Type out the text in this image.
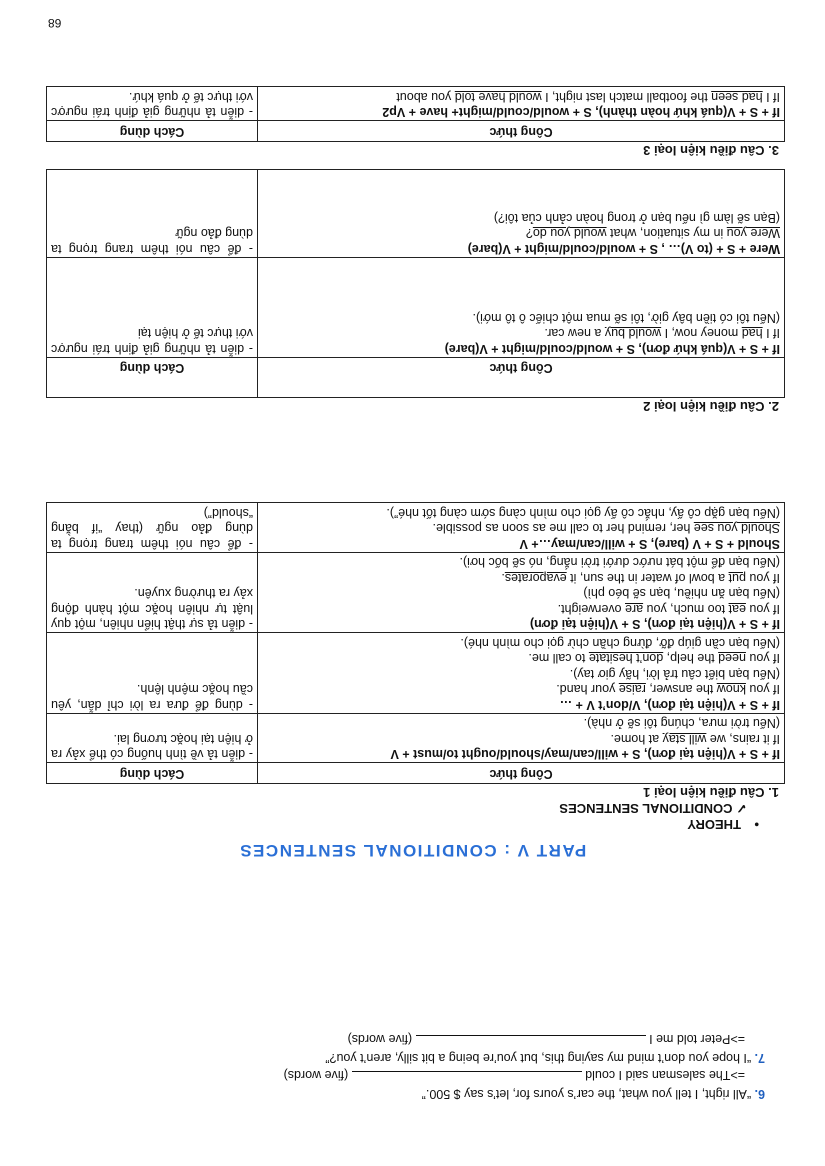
6. “All right, I tell you what, the car’s yours for, let’s say $ 500.”
=>The salesman said I could  (five words)
7. “I hope you don’t mind my saying this, but you’re being a bit silly, aren’t you?”
=>Peter told me I  (five words)
PART V : CONDITIONAL SENTENCES
•THEORY
✓ CONDITIONAL SENTENCES
1. Câu điều kiện loại 1
Công thức	Cách dùng

If + S + V(hiện tại đơn), S + will/can/may/should/ought to/must + V
If it rains, we will stay at home.
(Nếu trời mưa, chúng tôi sẽ ở nhà).	- diễn tả về tình huống có thể xảy ra ở hiện tại hoặc tương lai.

If + S + V(hiện tại đơn), V/don’t V + …
If you know the answer, raise your hand.
(Nếu bạn biết câu trả lời, hãy giơ tay).
If you need the help, don’t hesitate to call me.
(Nếu bạn cần giúp đỡ, đừng chần chừ gọi cho mình nhé).	- dùng để đưa ra lời chỉ dẫn, yêu cầu hoặc mệnh lệnh.

If + S + V(hiện tại đơn), S + V(hiện tại đơn)
If you eat too much, you are overweight.
(Nếu bạn ăn nhiều, bạn sẽ béo phì)
If you put a bowl of water in the sun, it evaporates.
(Nếu bạn để một bát nước dưới trời nắng, nó sẽ bốc hơi).	- diễn tả sự thật hiển nhiên, một quy luật tự nhiên hoặc một hành động xảy ra thường xuyên.

Should + S + V (bare), S + will/can/may…+ V
Should you see her, remind her to call me as soon as possible.
(Nếu bạn gặp cô ấy, nhắc cô ấy gọi cho mình càng sớm càng tốt nhé”).	- để câu nói thêm trang trọng ta dùng đảo ngữ (thay “if bằng “should”)
2. Câu điều kiện loại 2
Công thức	Cách dùng

If + S + V(quá khứ đơn), S + would/could/might + V(bare)
If I had money now, I would buy a new car.
(Nếu tôi có tiền bây giờ, tôi sẽ mua một chiếc ô tô mới).	- diễn tả những giả định trái ngược với thực tế ở hiện tại

Were + S + (to V)… , S + would/could/might + V(bare)
Were you in my situation, what would you do?
(Bạn sẽ làm gì nếu bạn ở trong hoàn cảnh của tôi?)	- để câu nói thêm trang trọng ta dùng đảo ngữ
3. Câu điều kiện loại 3
Công thức	Cách dùng

If + S + V(quá khứ hoàn thành), S + would/could/might+ have + Vp2
If I had seen the football match last night, I would have told you about	- diễn tả những giả định trái ngược với thực tế ở quá khứ.
68
